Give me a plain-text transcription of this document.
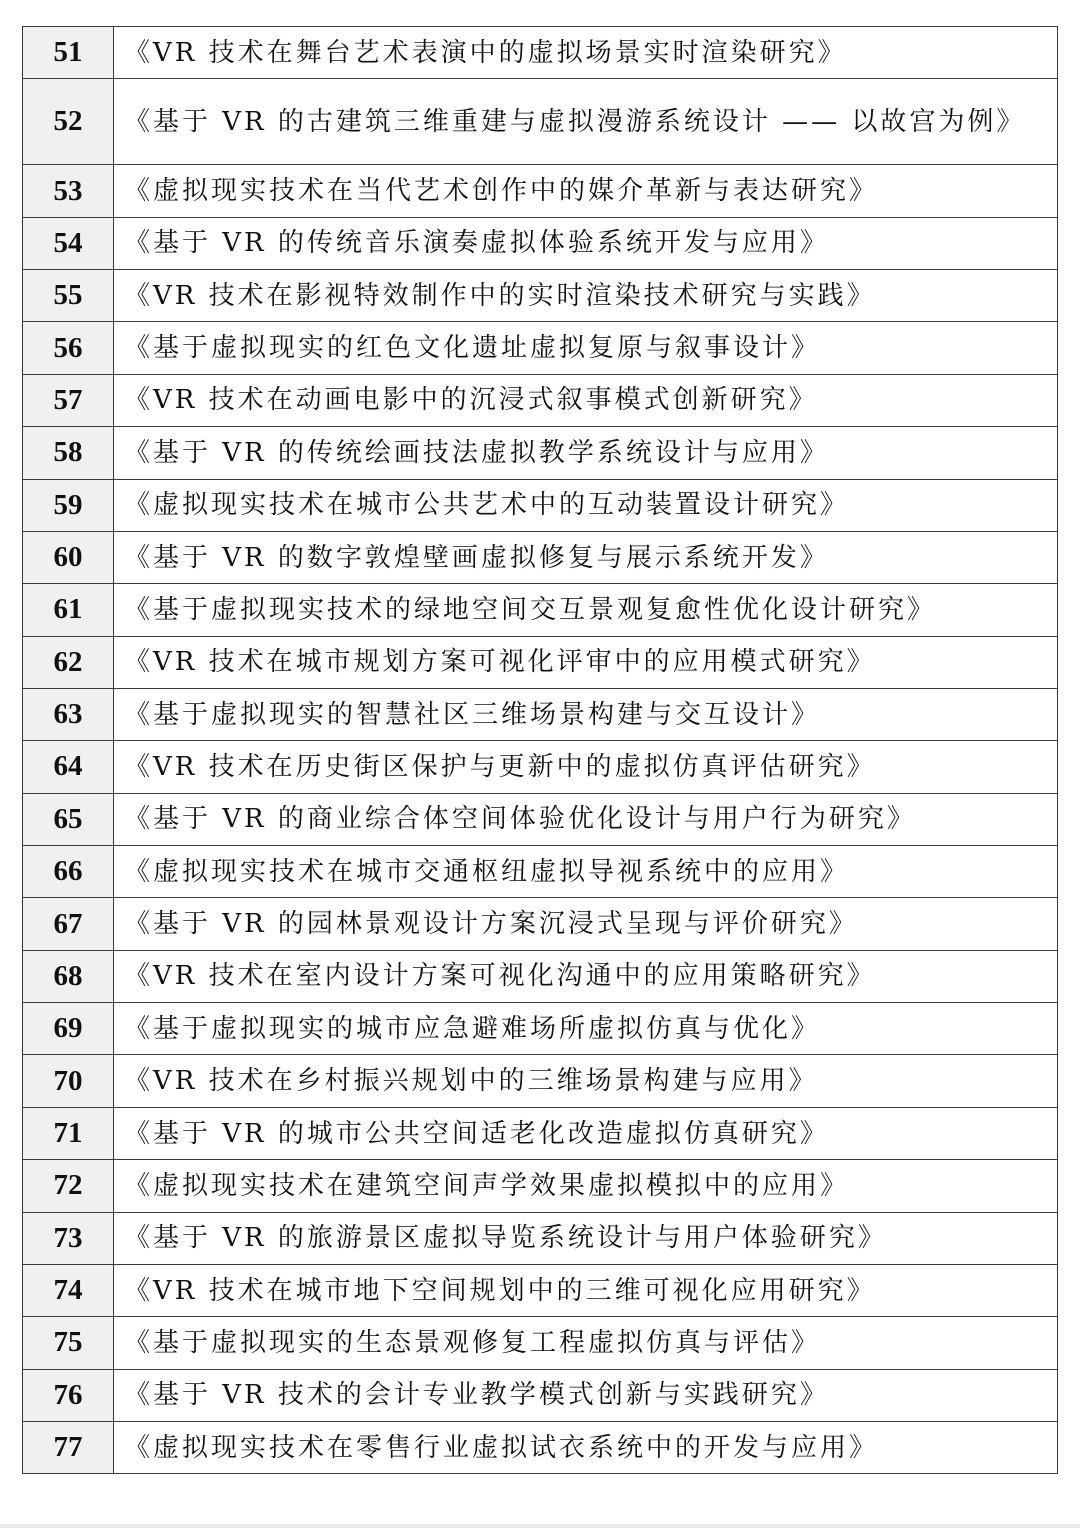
51	《VR 技术在舞台艺术表演中的虚拟场景实时渲染研究》
52	《基于 VR 的古建筑三维重建与虚拟漫游系统设计 —— 以故宫为例》
53	《虚拟现实技术在当代艺术创作中的媒介革新与表达研究》
54	《基于 VR 的传统音乐演奏虚拟体验系统开发与应用》
55	《VR 技术在影视特效制作中的实时渲染技术研究与实践》
56	《基于虚拟现实的红色文化遗址虚拟复原与叙事设计》
57	《VR 技术在动画电影中的沉浸式叙事模式创新研究》
58	《基于 VR 的传统绘画技法虚拟教学系统设计与应用》
59	《虚拟现实技术在城市公共艺术中的互动装置设计研究》
60	《基于 VR 的数字敦煌壁画虚拟修复与展示系统开发》
61	《基于虚拟现实技术的绿地空间交互景观复愈性优化设计研究》
62	《VR 技术在城市规划方案可视化评审中的应用模式研究》
63	《基于虚拟现实的智慧社区三维场景构建与交互设计》
64	《VR 技术在历史街区保护与更新中的虚拟仿真评估研究》
65	《基于 VR 的商业综合体空间体验优化设计与用户行为研究》
66	《虚拟现实技术在城市交通枢纽虚拟导视系统中的应用》
67	《基于 VR 的园林景观设计方案沉浸式呈现与评价研究》
68	《VR 技术在室内设计方案可视化沟通中的应用策略研究》
69	《基于虚拟现实的城市应急避难场所虚拟仿真与优化》
70	《VR 技术在乡村振兴规划中的三维场景构建与应用》
71	《基于 VR 的城市公共空间适老化改造虚拟仿真研究》
72	《虚拟现实技术在建筑空间声学效果虚拟模拟中的应用》
73	《基于 VR 的旅游景区虚拟导览系统设计与用户体验研究》
74	《VR 技术在城市地下空间规划中的三维可视化应用研究》
75	《基于虚拟现实的生态景观修复工程虚拟仿真与评估》
76	《基于 VR 技术的会计专业教学模式创新与实践研究》
77	《虚拟现实技术在零售行业虚拟试衣系统中的开发与应用》
